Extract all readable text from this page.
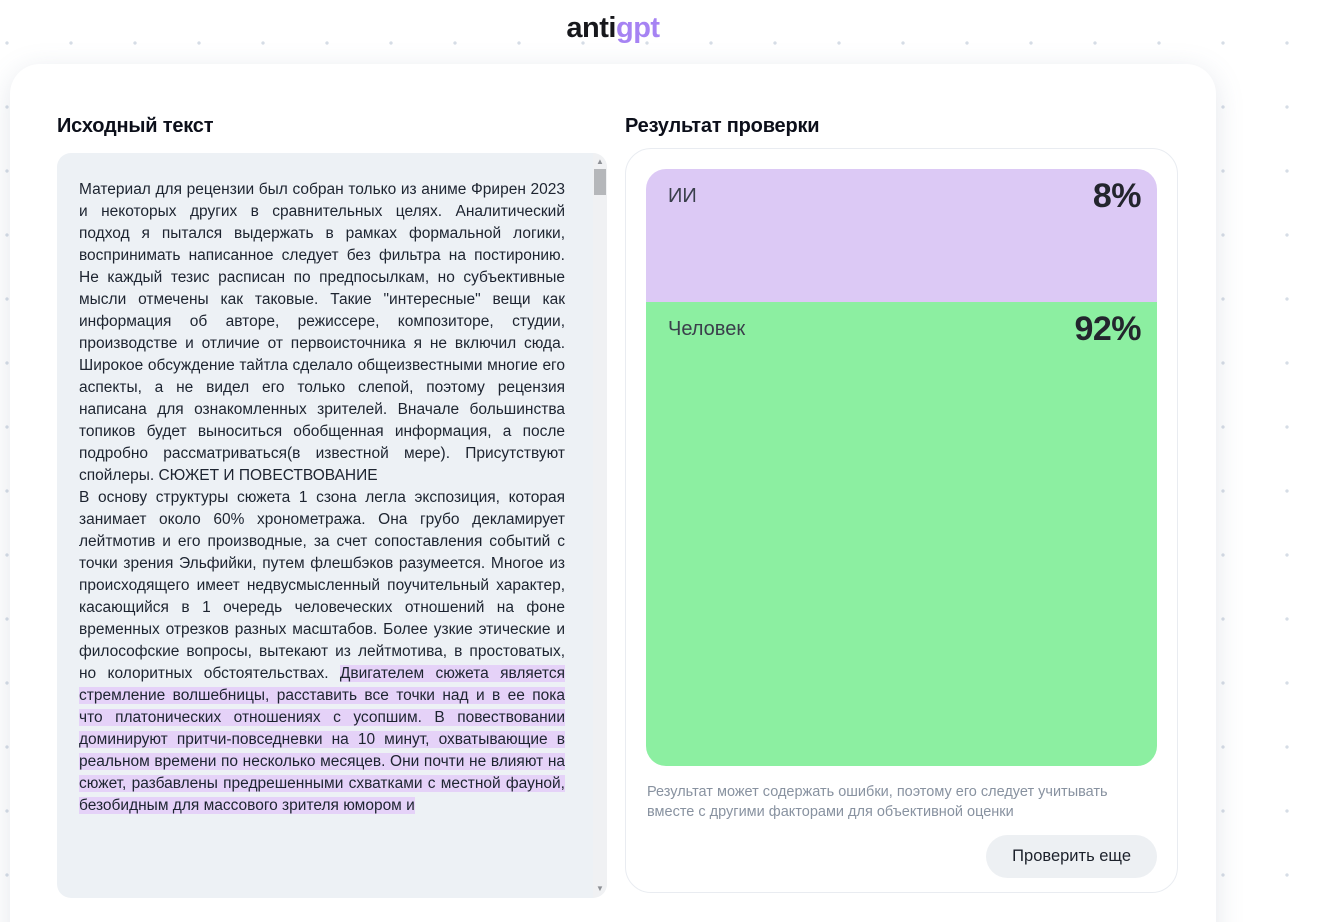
antigpt
Исходный текст

Материал для рецензии был собран только из аниме Фрирен 2023 и некоторых других в сравнительных целях. Аналитический подход я пытался выдержать в рамках формальной логики, воспринимать написанное следует без фильтра на постиронию. Не каждый тезис расписан по предпосылкам, но субъективные мысли отмечены как таковые. Такие "интересные" вещи как информация об авторе, режиссере, композиторе, студии, производстве и отличие от первоисточника я не включил сюда. Широкое обсуждение тайтла сделало общеизвестными многие его аспекты, а не видел его только слепой, поэтому рецензия написана для ознакомленных зрителей. Вначале большинства топиков будет выноситься обобщенная информация, а после подробно рассматриваться(в известной мере). Присутствуют спойлеры. СЮЖЕТ И ПОВЕСТВОВАНИЕ

В основу структуры сюжета 1 сзона легла экспозиция, которая занимает около 60% хронометража. Она грубо декламирует лейтмотив и его производные, за счет сопоставления событий с точки зрения Эльфийки, путем флешбэков разумеется. Многое из происходящего имеет недвусмысленный поучительный характер, касающийся в 1 очередь человеческих отношений на фоне временных отрезков разных масштабов. Более узкие этические и философские вопросы, вытекают из лейтмотива, в простоватых, но колоритных обстоятельствах. Двигателем сюжета является стремление волшебницы, расставить все точки над и в ее пока что платонических отношениях с усопшим. В повествовании доминируют притчи-повседневки на 10 минут, охватывающие в реальном времени по несколько месяцев. Они почти не влияют на сюжет, разбавлены предрешенными схватками с местной фауной, безобидным для массового зрителя юмором и

▲
▼
Результат проверки
ИИ	8%
Человек	92%
Результат может содержать ошибки, поэтому его следует учитывать
вместе с другими факторами для объективной оценки
Проверить еще
